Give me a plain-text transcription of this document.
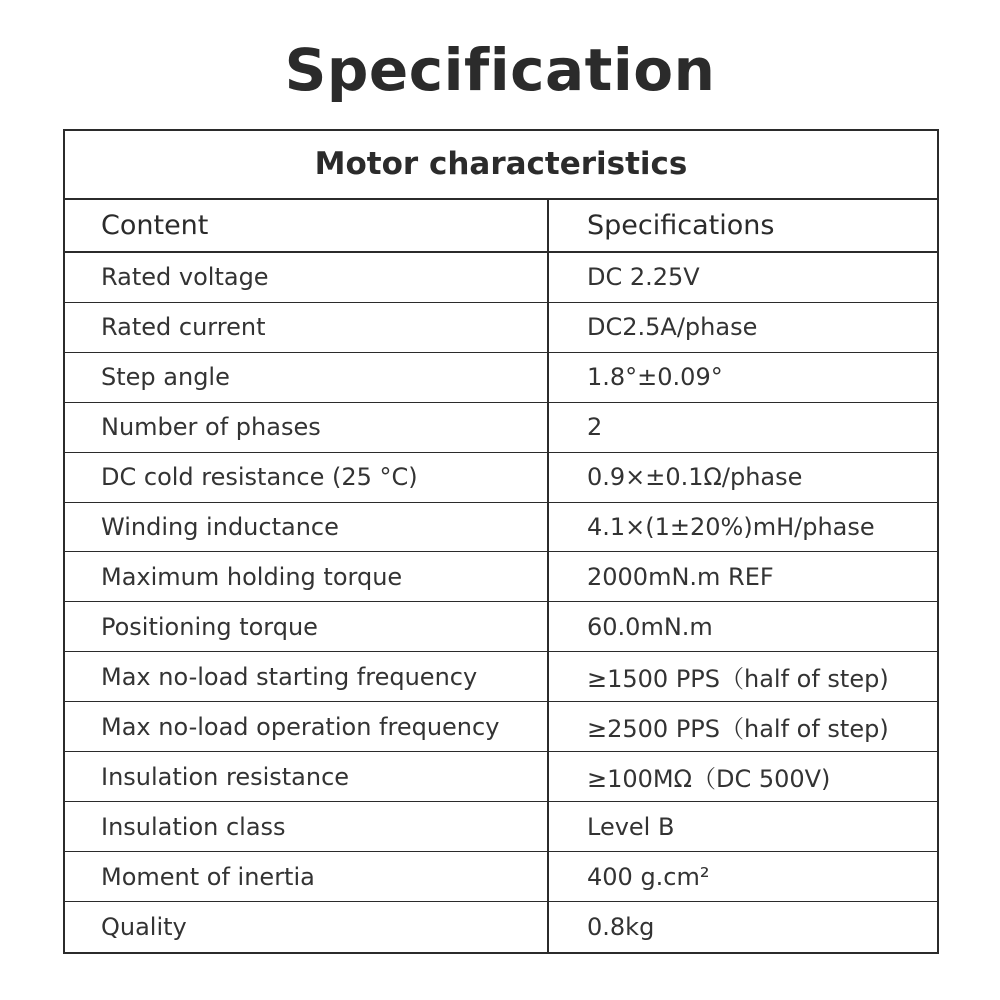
Specification
Motor characteristics
Content	Specifications
Rated voltage	DC 2.25V
Rated current	DC2.5A/phase
Step angle	1.8°±0.09°
Number of phases	2
DC cold resistance (25 °C)	0.9×±0.1Ω/phase
Winding inductance	4.1×(1±20%)mH/phase
Maximum holding torque	2000mN.m REF
Positioning torque	60.0mN.m
Max no-load starting frequency	≥1500 PPS（half of step)
Max no-load operation frequency	≥2500 PPS（half of step)
Insulation resistance	≥100MΩ（DC 500V)
Insulation class	Level B
Moment of inertia	400 g.cm²
Quality	0.8kg
